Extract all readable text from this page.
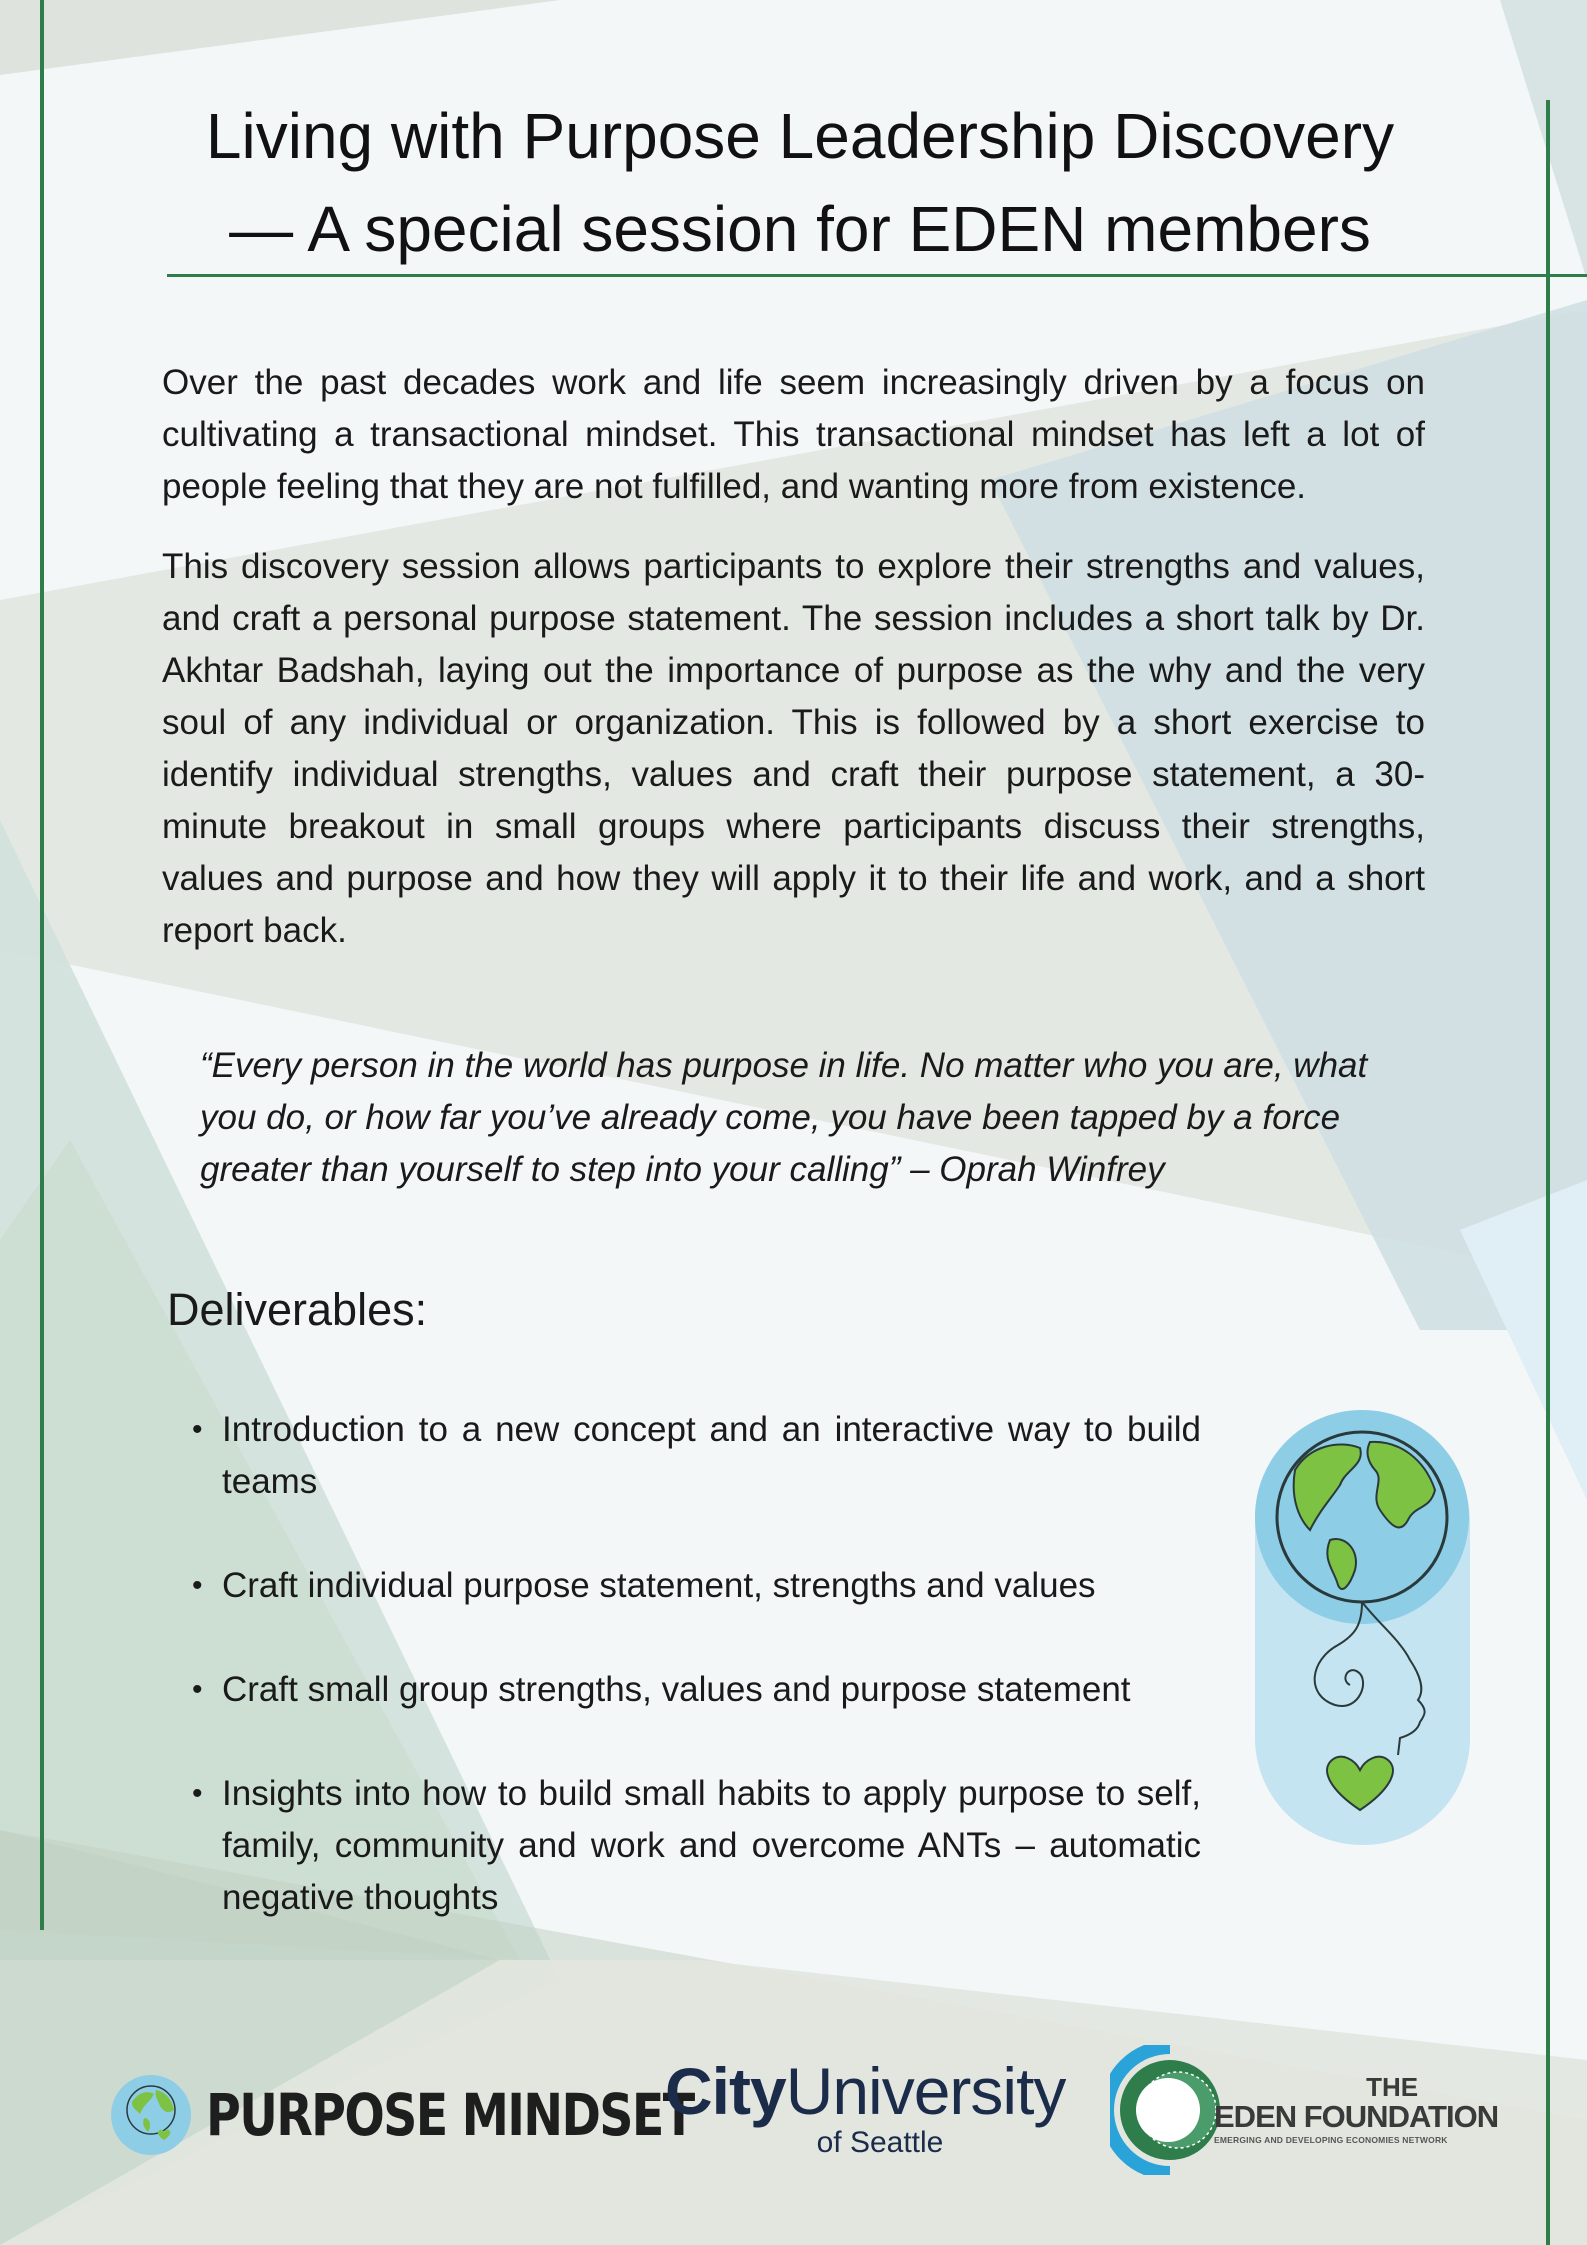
Living with Purpose Leadership Discovery
— A special session for EDEN members

Over the past decades work and life seem increasingly driven by a focus on cultivating a transactional mindset. This transactional mindset has left a lot of people feeling that they are not fulfilled, and wanting more from existence.

This discovery session allows participants to explore their strengths and values, and craft a personal purpose statement. The session includes a short talk by Dr. Akhtar Badshah, laying out the importance of purpose as the why and the very soul of any individual or organization. This is followed by a short exercise to identify individual strengths, values and craft their purpose statement, a 30-minute breakout in small groups where participants discuss their strengths, values and purpose and how they will apply it to their life and work, and a short report back.

“Every person in the world has purpose in life. No matter who you are, what you do, or how far you’ve already come, you have been tapped by a force greater than yourself to step into your calling” – Oprah Winfrey

Deliverables:
• Introduction to a new concept and an interactive way to build teams
• Craft individual purpose statement, strengths and values
• Craft small group strengths, values and purpose statement
• Insights into how to build small habits to apply purpose to self, family, community and work and overcome ANTs – automatic negative thoughts
PURPOSE MINDSET
CityUniversity
of Seattle
THE
EDEN FOUNDATION
EMERGING AND DEVELOPING ECONOMIES NETWORK
